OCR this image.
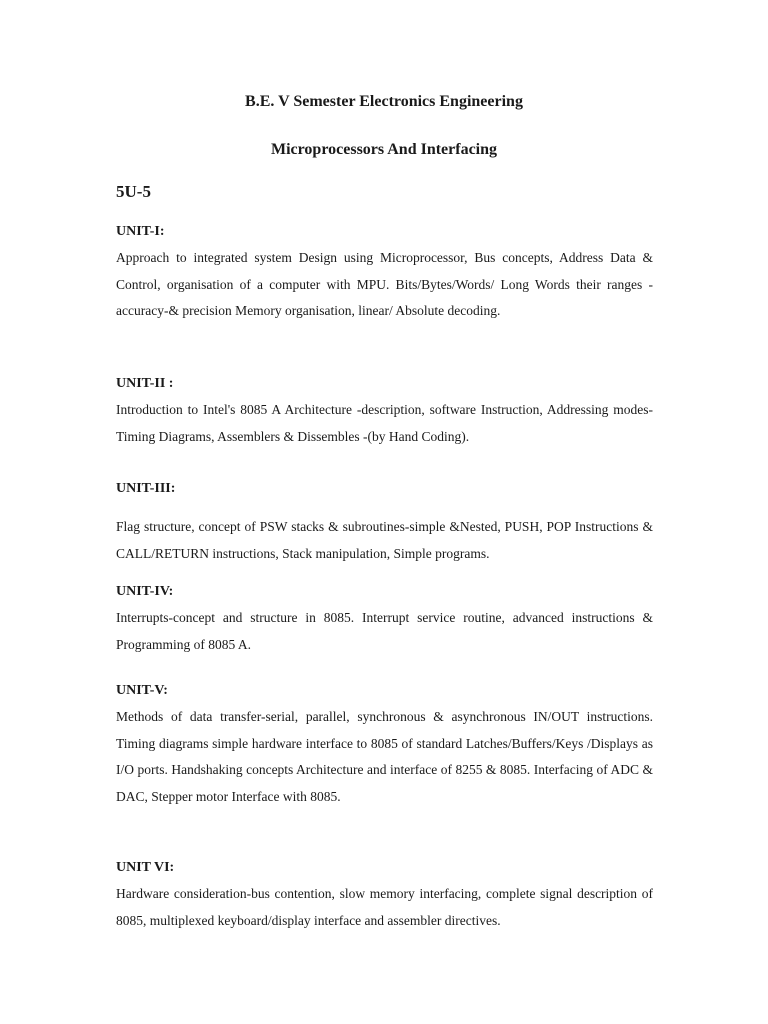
B.E. V Semester Electronics Engineering

Microprocessors And Interfacing

5U-5

UNIT-I:

Approach to integrated system Design using Microprocessor, Bus concepts, Address Data & Control, organisation of a computer with MPU. Bits/Bytes/Words/ Long Words their ranges - accuracy-& precision Memory organisation, linear/ Absolute decoding.

UNIT-II :

Introduction to Intel's 8085 A Architecture -description, software Instruction, Addressing modes-Timing Diagrams, Assemblers & Dissembles -(by Hand Coding).

UNIT-III:

Flag structure, concept of PSW stacks & subroutines-simple &Nested, PUSH, POP Instructions & CALL/RETURN instructions, Stack manipulation, Simple programs.

UNIT-IV:

Interrupts-concept and structure in 8085. Interrupt service routine, advanced instructions & Programming of 8085 A.

UNIT-V:

Methods of data transfer-serial, parallel, synchronous & asynchronous IN/OUT instructions. Timing diagrams simple hardware interface to 8085 of standard Latches/Buffers/Keys /Displays as I/O ports. Handshaking concepts Architecture and interface of 8255 & 8085. Interfacing of ADC & DAC, Stepper motor Interface with 8085.

UNIT VI:

Hardware consideration-bus contention, slow memory interfacing, complete signal description of 8085, multiplexed keyboard/display interface and assembler directives.
